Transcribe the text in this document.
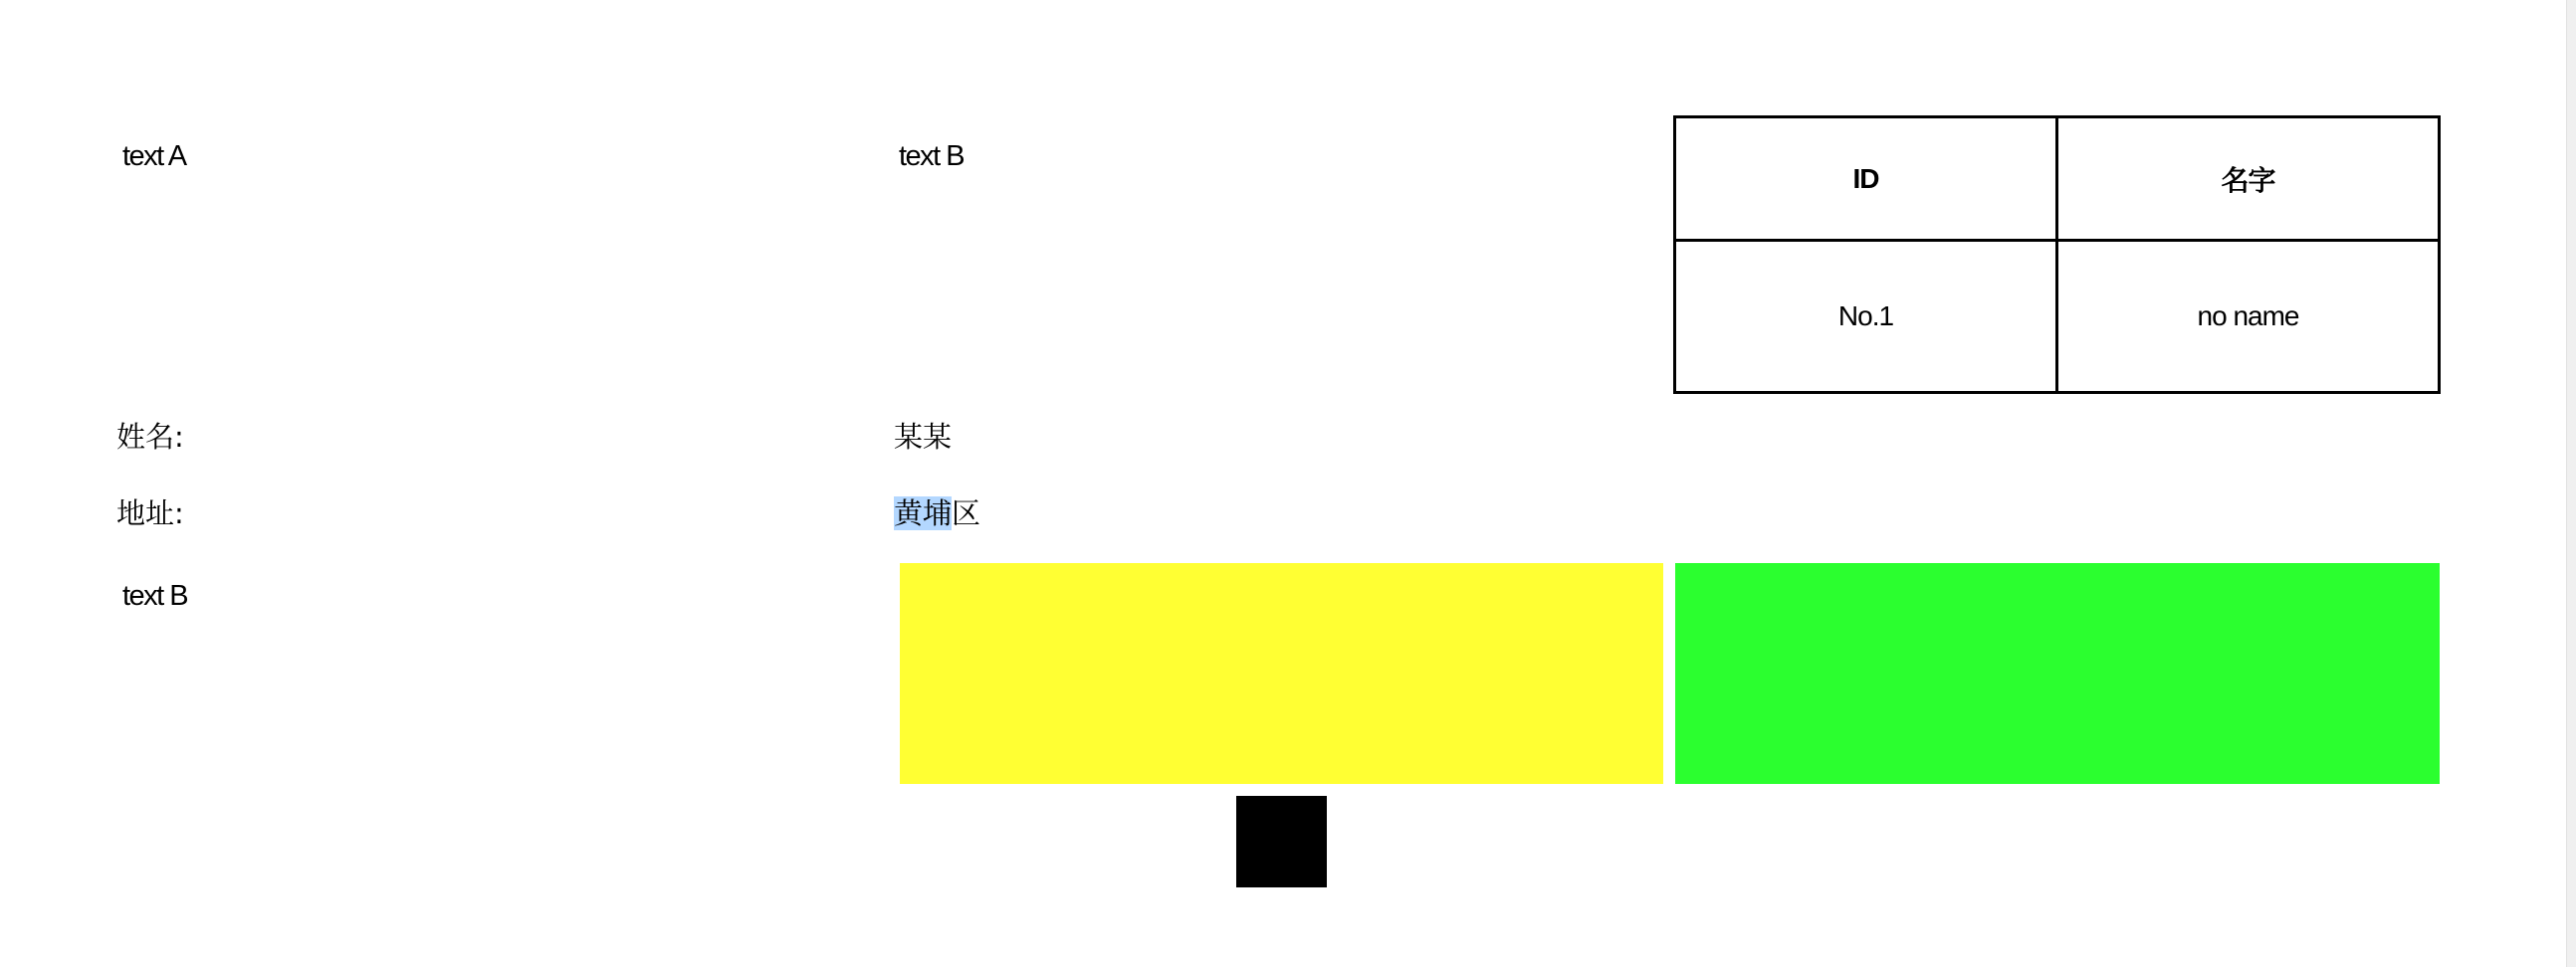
text A	text B
ID	名字
No.1	no name
姓名:	某某
地址:	黄埔区
text B
